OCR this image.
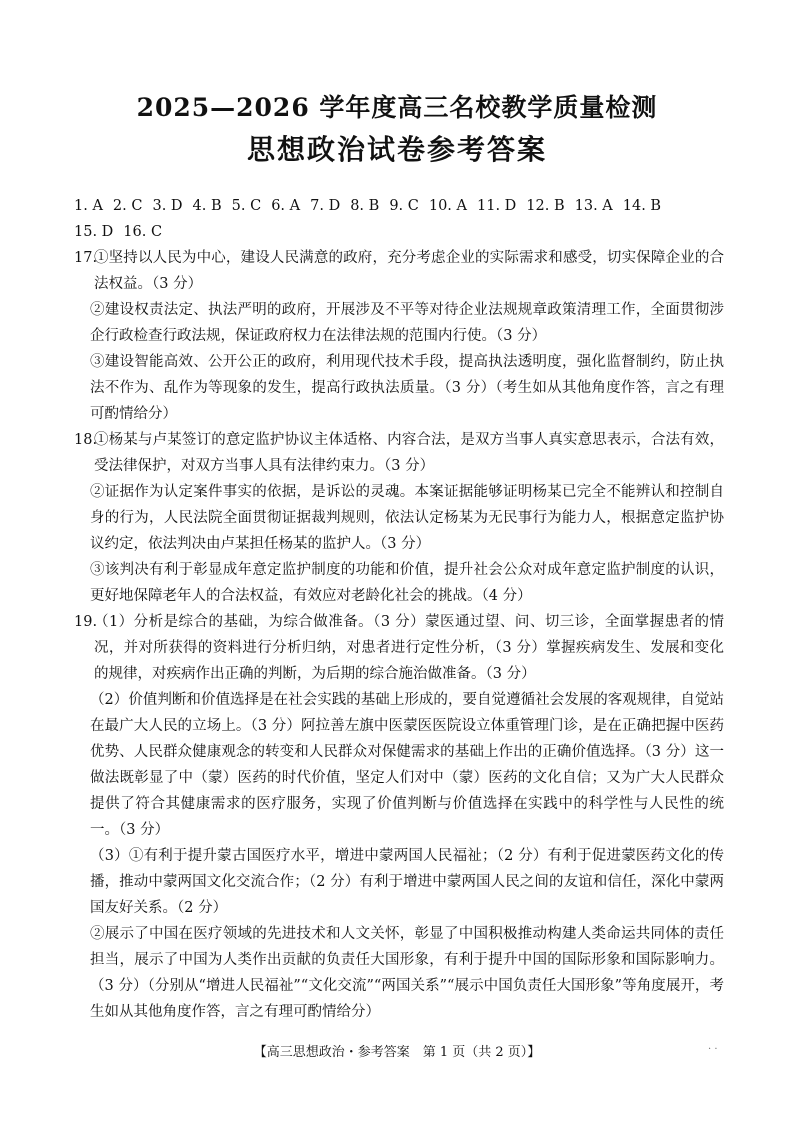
2025—2026 学年度高三名校教学质量检测
思想政治试卷参考答案
1. A 2. C 3. D 4. B 5. C 6. A 7. D 8. B 9. C 10. A 11. D 12. B 13. A 14. B
15. D 16. C
17.
①坚持以人民为中心，建设人民满意的政府，充分考虑企业的实际需求和感受，切实保障企业的合法权益。（3 分）
②建设权责法定、执法严明的政府，开展涉及不平等对待企业法规规章政策清理工作，全面贯彻涉企行政检查行政法规，保证政府权力在法律法规的范围内行使。（3 分）
③建设智能高效、公开公正的政府，利用现代技术手段，提高执法透明度，强化监督制约，防止执法不作为、乱作为等现象的发生，提高行政执法质量。（3 分）（考生如从其他角度作答，言之有理可酌情给分）
18.
①杨某与卢某签订的意定监护协议主体适格、内容合法，是双方当事人真实意思表示，合法有效，受法律保护，对双方当事人具有法律约束力。（3 分）
②证据作为认定案件事实的依据，是诉讼的灵魂。本案证据能够证明杨某已完全不能辨认和控制自身的行为，人民法院全面贯彻证据裁判规则，依法认定杨某为无民事行为能力人，根据意定监护协议约定，依法判决由卢某担任杨某的监护人。（3 分）
③该判决有利于彰显成年意定监护制度的功能和价值，提升社会公众对成年意定监护制度的认识，更好地保障老年人的合法权益，有效应对老龄化社会的挑战。（4 分）
19.
（1）分析是综合的基础，为综合做准备。（3 分）蒙医通过望、问、切三诊，全面掌握患者的情况，并对所获得的资料进行分析归纳，对患者进行定性分析，（3 分）掌握疾病发生、发展和变化的规律，对疾病作出正确的判断，为后期的综合施治做准备。（3 分）
（2）价值判断和价值选择是在社会实践的基础上形成的，要自觉遵循社会发展的客观规律，自觉站在最广大人民的立场上。（3 分）阿拉善左旗中医蒙医医院设立体重管理门诊，是在正确把握中医药优势、人民群众健康观念的转变和人民群众对保健需求的基础上作出的正确价值选择。（3 分）这一做法既彰显了中（蒙）医药的时代价值，坚定人们对中（蒙）医药的文化自信；又为广大人民群众提供了符合其健康需求的医疗服务，实现了价值判断与价值选择在实践中的科学性与人民性的统一。（3 分）
（3）①有利于提升蒙古国医疗水平，增进中蒙两国人民福祉；（2 分）有利于促进蒙医药文化的传播，推动中蒙两国文化交流合作；（2 分）有利于增进中蒙两国人民之间的友谊和信任，深化中蒙两国友好关系。（2 分）
②展示了中国在医疗领域的先进技术和人文关怀，彰显了中国积极推动构建人类命运共同体的责任担当，展示了中国为人类作出贡献的负责任大国形象，有利于提升中国的国际形象和国际影响力。（3 分）（分别从“增进人民福祉”“文化交流”“两国关系”“展示中国负责任大国形象”等角度展开，考生如从其他角度作答，言之有理可酌情给分）
【高三思想政治・参考答案　第 1 页（共 2 页）】	· ·
